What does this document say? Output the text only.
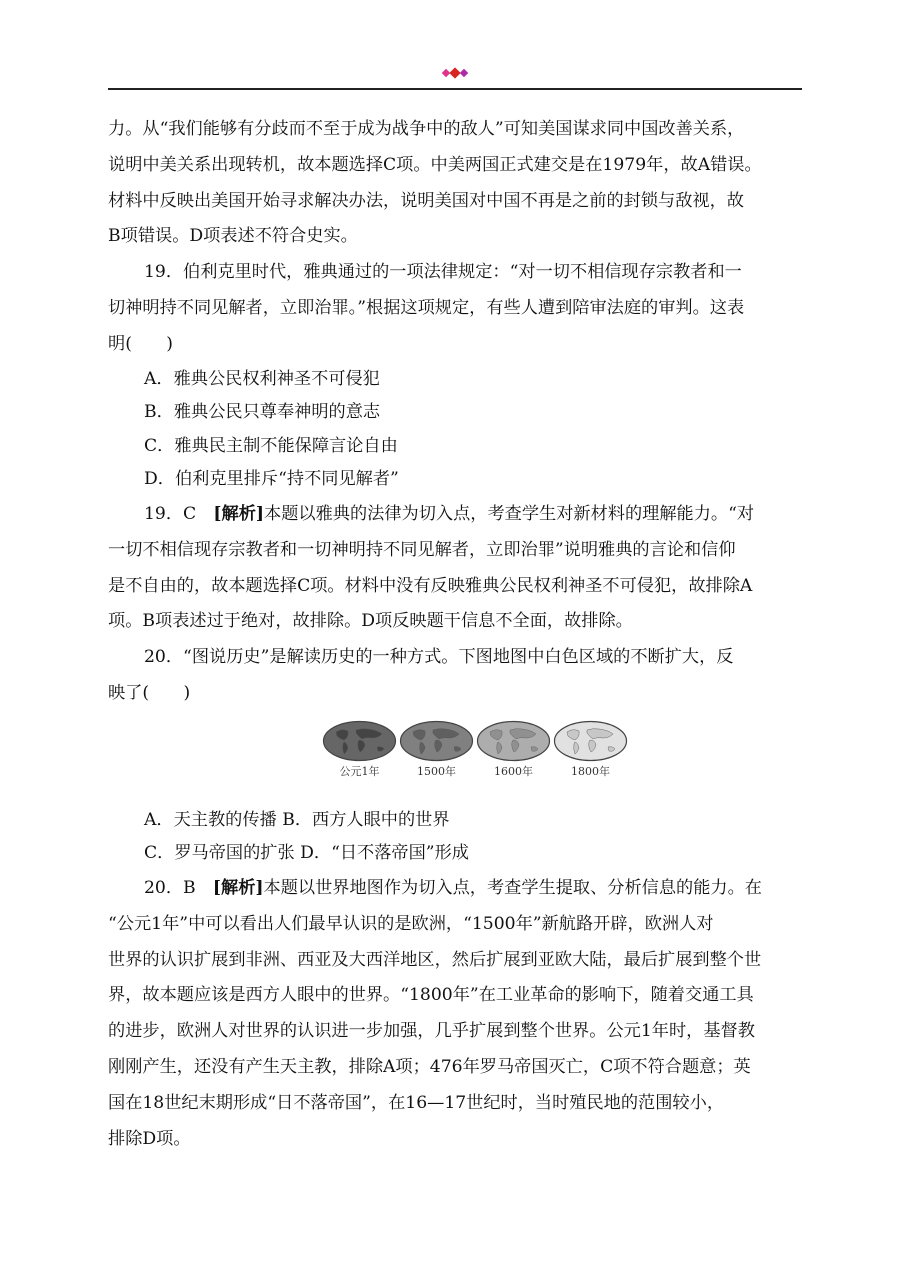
力。从“我们能够有分歧而不至于成为战争中的敌人”可知美国谋求同中国改善关系，

说明中美关系出现转机，故本题选择C项。中美两国正式建交是在1979年，故A错误。

材料中反映出美国开始寻求解决办法，说明美国对中国不再是之前的封锁与敌视，故

B项错误。D项表述不符合史实。

19．伯利克里时代，雅典通过的一项法律规定：“对一切不相信现存宗教者和一

切神明持不同见解者，立即治罪。”根据这项规定，有些人遭到陪审法庭的审判。这表

明(　　)

A．雅典公民权利神圣不可侵犯

B．雅典公民只尊奉神明的意志

C．雅典民主制不能保障言论自由

D．伯利克里排斥“持不同见解者”

19．C　[解析]本题以雅典的法律为切入点，考查学生对新材料的理解能力。“对

一切不相信现存宗教者和一切神明持不同见解者，立即治罪”说明雅典的言论和信仰

是不自由的，故本题选择C项。材料中没有反映雅典公民权利神圣不可侵犯，故排除A

项。B项表述过于绝对，故排除。D项反映题干信息不全面，故排除。

20．“图说历史”是解读历史的一种方式。下图地图中白色区域的不断扩大，反

映了(　　)

公元1年	1500年	1600年	1800年

A．天主教的传播 B．西方人眼中的世界

C．罗马帝国的扩张 D．“日不落帝国”形成

20．B　[解析]本题以世界地图作为切入点，考查学生提取、分析信息的能力。在

“公元1年”中可以看出人们最早认识的是欧洲，“1500年”新航路开辟，欧洲人对

世界的认识扩展到非洲、西亚及大西洋地区，然后扩展到亚欧大陆，最后扩展到整个世

界，故本题应该是西方人眼中的世界。“1800年”在工业革命的影响下，随着交通工具

的进步，欧洲人对世界的认识进一步加强，几乎扩展到整个世界。公元1年时，基督教

刚刚产生，还没有产生天主教，排除A项；476年罗马帝国灭亡，C项不符合题意；英

国在18世纪末期形成“日不落帝国”，在16—17世纪时，当时殖民地的范围较小，

排除D项。
